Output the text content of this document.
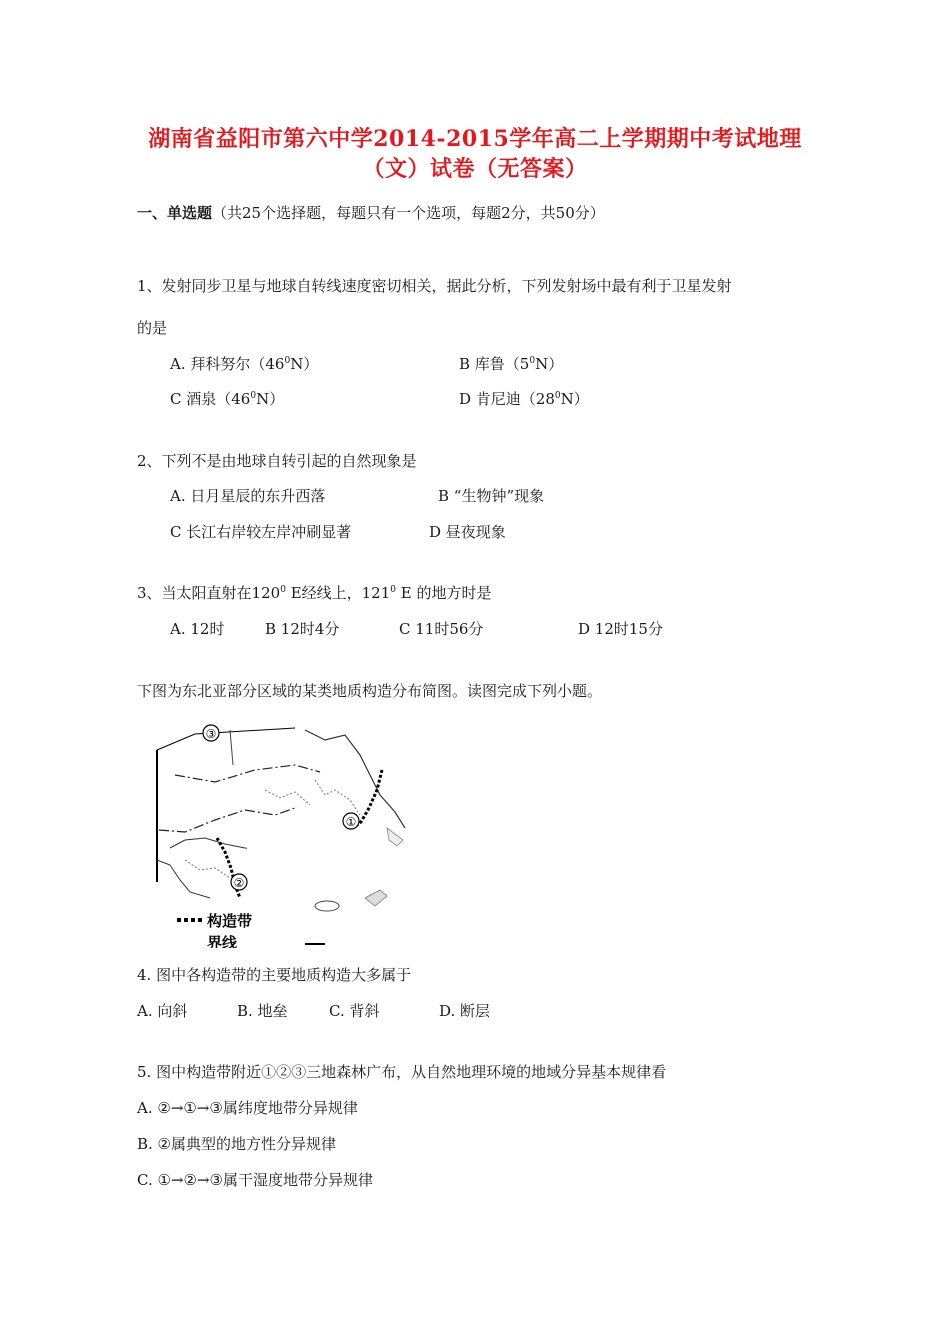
湖南省益阳市第六中学2014-2015学年高二上学期期中考试地理
（文）试卷（无答案）
一、单选题（共25个选择题，每题只有一个选项，每题2分，共50分）
1、发射同步卫星与地球自转线速度密切相关，据此分析，下列发射场中最有利于卫星发射
的是
A. 拜科努尔$(46^0N)$	B 库鲁$(5^0N)$
C 酒泉$(46^0N)$	D 肯尼迪$(28^0N)$
2、下列不是由地球自转引起的自然现象是
A. 日月星辰的东升西落	B “生物钟”现象
C 长江右岸较左岸冲刷显著	D 昼夜现象
3、当太阳直射在$120^0$ E经线上，$121^0$ E 的地方时是
A. 12时	B 12时4分	C 11时56分	D 12时15分
下图为东北亚部分区域的某类地质构造分布简图。读图完成下列小题。
③
①
②
构造带
界线
4. 图中各构造带的主要地质构造大多属于
A. 向斜	B. 地垒	C. 背斜	D. 断层
5. 图中构造带附近①②③三地森林广布，从自然地理环境的地域分异基本规律看
A. ②→①→③属纬度地带分异规律
B. ②属典型的地方性分异规律
C. ①→②→③属干湿度地带分异规律
